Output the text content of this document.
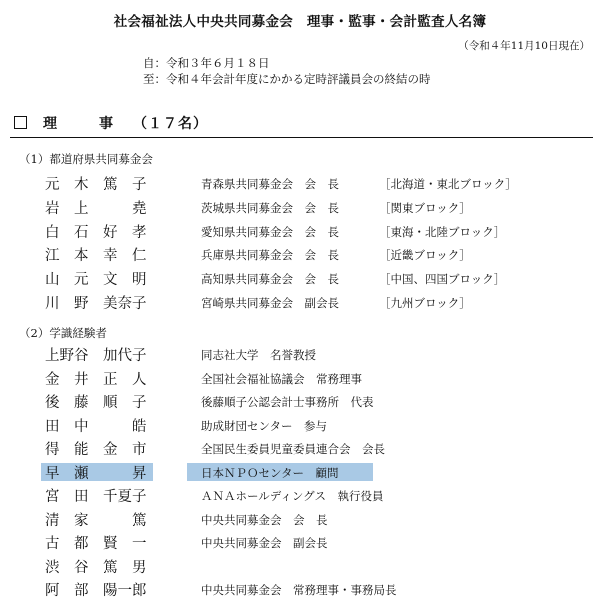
社会福祉法人中央共同募金会　理事・監事・会計監査人名簿
（令和４年11月10日現在）
自：令和３年６月１８日
至：令和４年会計年度にかかる定時評議員会の終結の時
理　事 （１７名）
（1）都道府県共同募金会
元　木　篤　子	青森県共同募金会　会　長	［北海道・東北ブロック］
岩　上　　　堯	茨城県共同募金会　会　長	［関東ブロック］
白　石　好　孝	愛知県共同募金会　会　長	［東海・北陸ブロック］
江　本　幸　仁	兵庫県共同募金会　会　長	［近畿ブロック］
山　元　文　明	高知県共同募金会　会　長	［中国、四国ブロック］
川　野　美奈子	宮崎県共同募金会　副会長	［九州ブロック］
（2）学識経験者
上野谷　加代子	同志社大学　名誉教授
金　井　正　人	全国社会福祉協議会　常務理事
後　藤　順　子	後藤順子公認会計士事務所　代表
田　中　　　皓	助成財団センター　参与
得　能　金　市	全国民生委員児童委員連合会　会長
早　瀬　　　昇	日本ＮＰＯセンター　顧問
宮　田　千夏子	ＡＮＡホールディングス　執行役員
清　家　　　篤	中央共同募金会　会　長
古　都　賢　一	中央共同募金会　副会長
渋　谷　篤　男
阿　部　陽一郎	中央共同募金会　常務理事・事務局長
